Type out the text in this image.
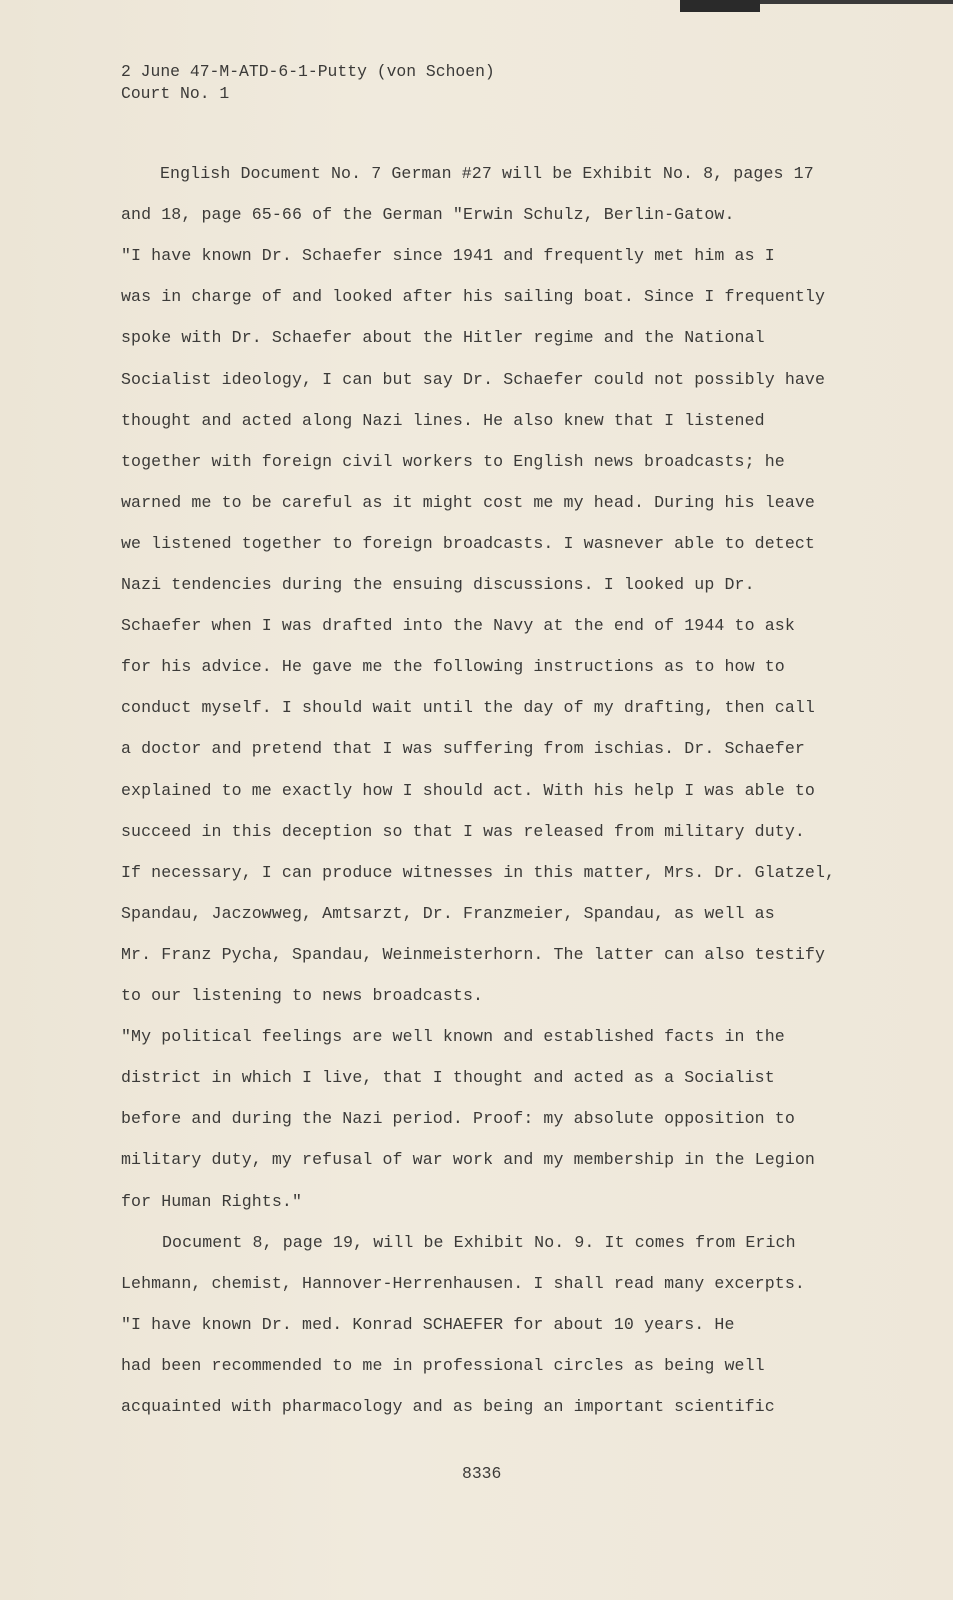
2 June 47-M-ATD-6-1-Putty (von Schoen)
Court No. 1
English Document No. 7 German #27 will be Exhibit No. 8, pages 17
and 18, page 65-66 of the German "Erwin Schulz, Berlin-Gatow.
"I have known Dr. Schaefer since 1941 and frequently met him as I
was in charge of and looked after his sailing boat. Since I frequently
spoke with Dr. Schaefer about the Hitler regime and the National
Socialist ideology, I can but say Dr. Schaefer could not possibly have
thought and acted along Nazi lines. He also knew that I listened
together with foreign civil workers to English news broadcasts; he
warned me to be careful as it might cost me my head. During his leave
we listened together to foreign broadcasts. I wasnever able to detect
Nazi tendencies during the ensuing discussions. I looked up Dr.
Schaefer when I was drafted into the Navy at the end of 1944 to ask
for his advice. He gave me the following instructions as to how to
conduct myself. I should wait until the day of my drafting, then call
a doctor and pretend that I was suffering from ischias. Dr. Schaefer
explained to me exactly how I should act. With his help I was able to
succeed in this deception so that I was released from military duty.
If necessary, I can produce witnesses in this matter, Mrs. Dr. Glatzel,
Spandau, Jaczowweg, Amtsarzt, Dr. Franzmeier, Spandau, as well as
Mr. Franz Pycha, Spandau, Weinmeisterhorn. The latter can also testify
to our listening to news broadcasts.
"My political feelings are well known and established facts in the
district in which I live, that I thought and acted as a Socialist
before and during the Nazi period. Proof: my absolute opposition to
military duty, my refusal of war work and my membership in the Legion
for Human Rights."
Document 8, page 19, will be Exhibit No. 9. It comes from Erich
Lehmann, chemist, Hannover-Herrenhausen. I shall read many excerpts.
"I have known Dr. med. Konrad SCHAEFER for about 10 years. He
had been recommended to me in professional circles as being well
acquainted with pharmacology and as being an important scientific
8336
